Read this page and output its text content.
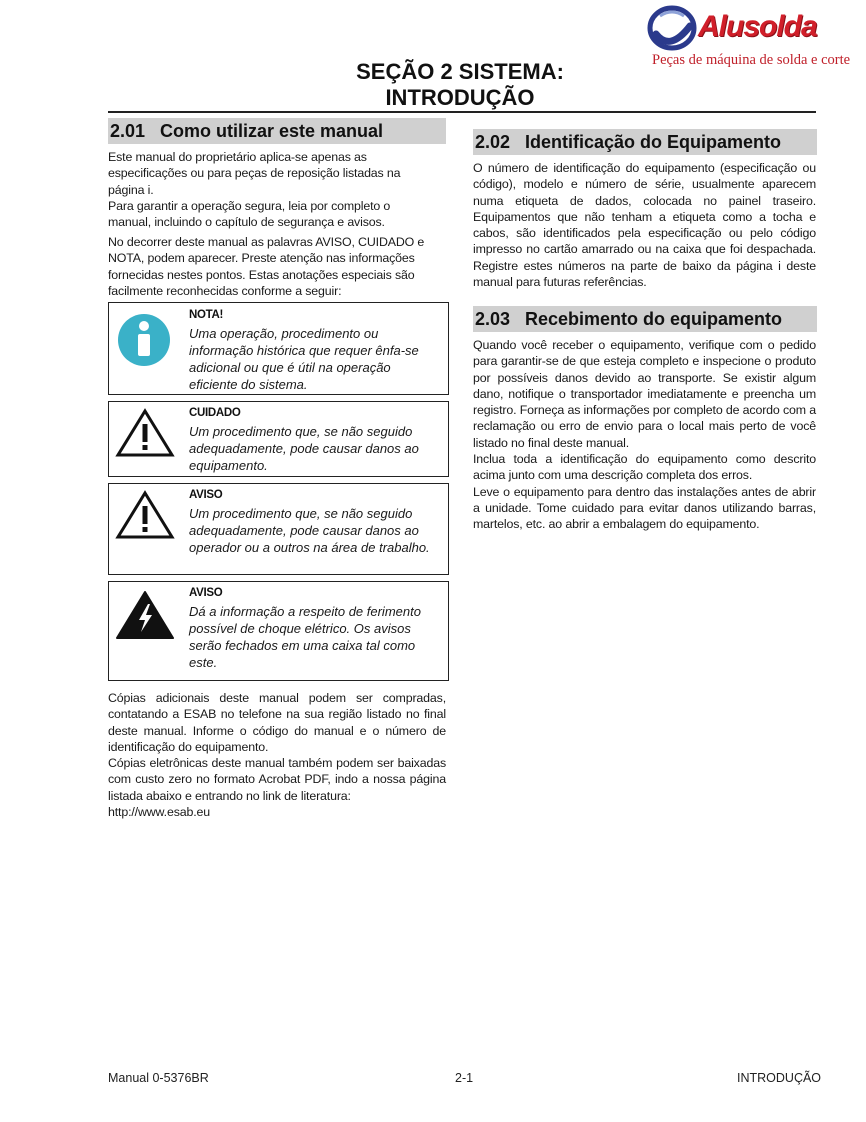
Alusolda
Peças de máquina de solda e corte
SEÇÃO 2 SISTEMA:
INTRODUÇÃO
2.01 Como utilizar este manual

Este manual do proprietário aplica-se apenas as especificações ou para peças de reposição listadas na página i.

Para garantir a operação segura, leia por completo o manual, incluindo o capítulo de segurança e avisos.

No decorrer deste manual as palavras AVISO, CUIDADO e NOTA, podem aparecer. Preste atenção nas informações fornecidas nestes pontos. Estas anotações especiais são facilmente reconhecidas conforme a seguir:

NOTA!
Uma operação, procedimento ou informação histórica que requer ênfa-se adicional ou que é útil na operação eficiente do sistema.
CUIDADO
Um procedimento que, se não seguido adequadamente, pode causar danos ao equipamento.
AVISO
Um procedimento que, se não seguido adequadamente, pode causar danos ao operador ou a outros na área de trabalho.
AVISO
Dá a informação a respeito de ferimento possível de choque elétrico. Os avisos serão fechados em uma caixa tal como este.

Cópias adicionais deste manual podem ser compradas, contatando a ESAB no telefone na sua região listado no final deste manual. Informe o código do manual e o número de identificação do equipamento.

Cópias eletrônicas deste manual também podem ser baixadas com custo zero no formato Acrobat PDF, indo a nossa página listada abaixo e entrando no link de literatura:

http://www.esab.eu

2.02 Identificação do Equipamento

O número de identificação do equipamento (especificação ou código), modelo e número de série, usualmente aparecem numa etiqueta de dados, colocada no painel traseiro. Equipamentos que não tenham a etiqueta como a tocha e cabos, são identificados pela especificação ou pelo código impresso no cartão amarrado ou na caixa que foi despachada. Registre estes números na parte de baixo da página i deste manual para futuras referências.

2.03 Recebimento do equipamento

Quando você receber o equipamento, verifique com o pedido para garantir-se de que esteja completo e inspecione o produto por possíveis danos devido ao transporte. Se existir algum dano, notifique o transportador imediatamente e preencha um registro. Forneça as informações por completo de acordo com a reclamação ou erro de envio para o local mais perto de você listado no final deste manual.

Inclua toda a identificação do equipamento como descrito acima junto com uma descrição completa dos erros.

Leve o equipamento para dentro das instalações antes de abrir a unidade. Tome cuidado para evitar danos utilizando barras, martelos, etc. ao abrir a embalagem do equipamento.

Manual 0-5376BR	2-1	INTRODUÇÃO
